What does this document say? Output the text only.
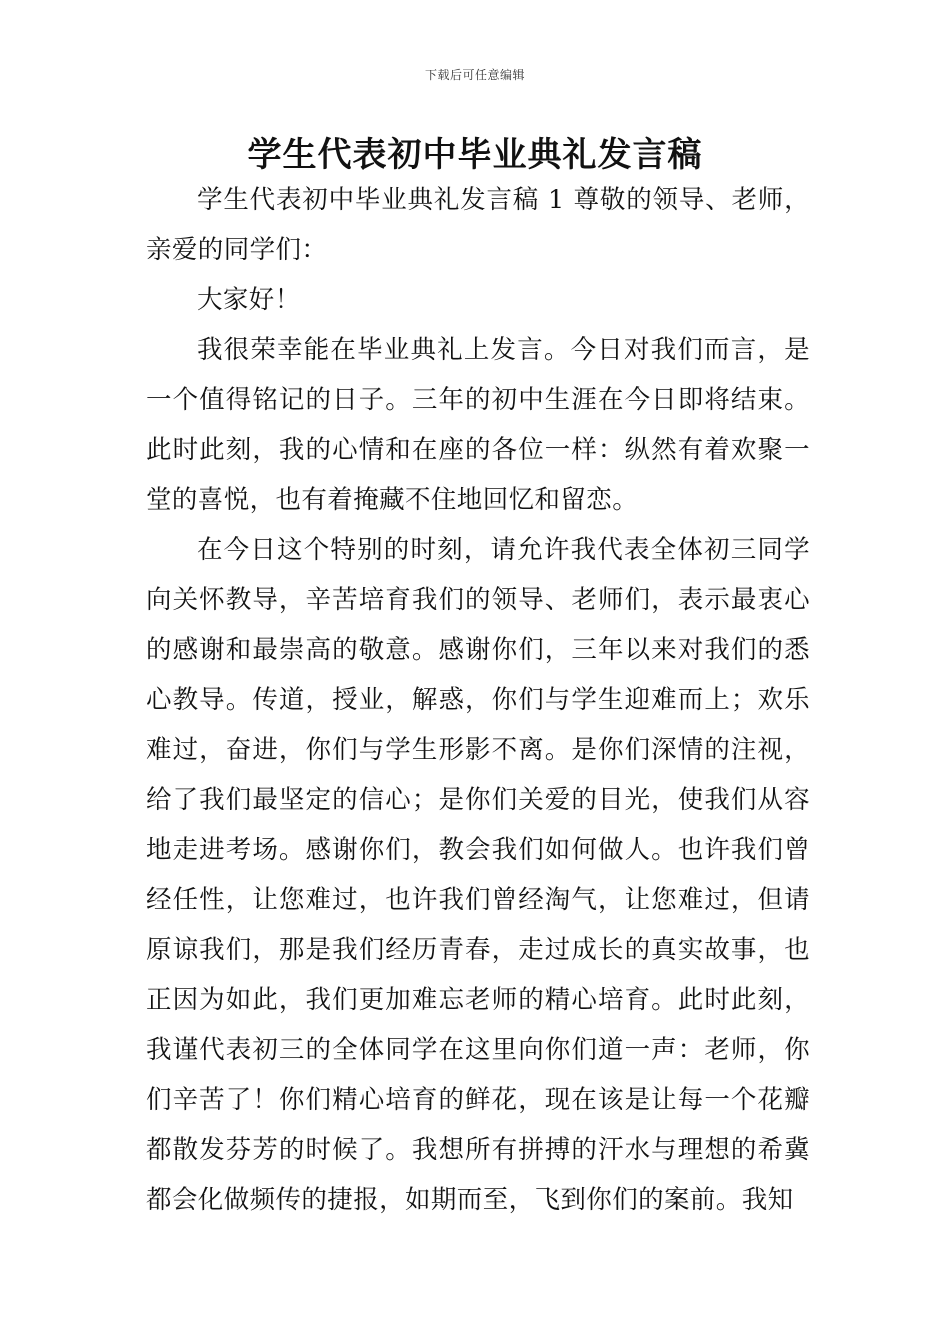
下载后可任意编辑
学生代表初中毕业典礼发言稿

学生代表初中毕业典礼发言稿 1 尊敬的领导、老师，亲爱的同学们：

大家好！

我很荣幸能在毕业典礼上发言。今日对我们而言，是一个值得铭记的日子。三年的初中生涯在今日即将结束。此时此刻，我的心情和在座的各位一样：纵然有着欢聚一堂的喜悦，也有着掩藏不住地回忆和留恋。

在今日这个特别的时刻，请允许我代表全体初三同学向关怀教导，辛苦培育我们的领导、老师们，表示最衷心的感谢和最崇高的敬意。感谢你们，三年以来对我们的悉心教导。传道，授业，解惑，你们与学生迎难而上；欢乐难过，奋进，你们与学生形影不离。是你们深情的注视，给了我们最坚定的信心；是你们关爱的目光，使我们从容地走进考场。感谢你们，教会我们如何做人。也许我们曾经任性，让您难过，也许我们曾经淘气，让您难过，但请原谅我们，那是我们经历青春，走过成长的真实故事，也正因为如此，我们更加难忘老师的精心培育。此时此刻，我谨代表初三的全体同学在这里向你们道一声：老师，你们辛苦了！你们精心培育的鲜花，现在该是让每一个花瓣都散发芬芳的时候了。我想所有拼搏的汗水与理想的希冀都会化做频传的捷报，如期而至，飞到你们的案前。我知
